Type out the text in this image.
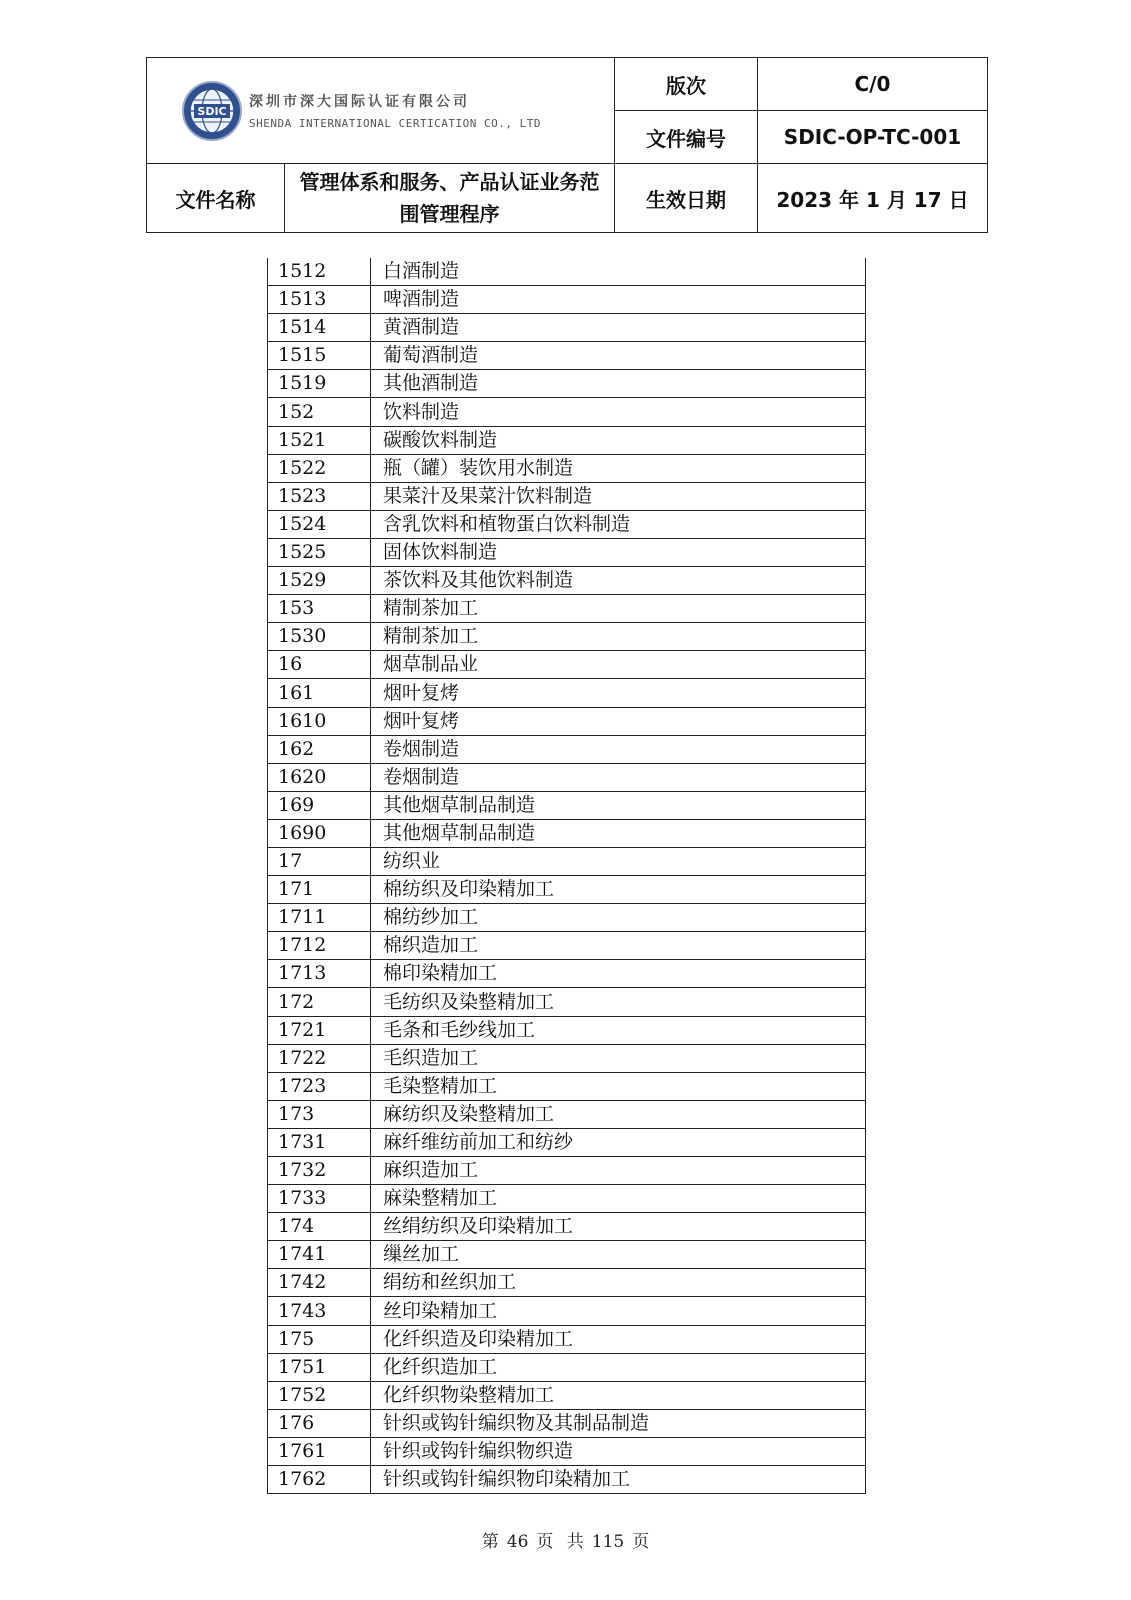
SDIC
深圳市深大国际认证有限公司
SHENDA INTERNATIONAL CERTICATION CO., LTD		版次	C/0
		文件编号	SDIC-OP-TC-001
文件名称	管理体系和服务、产品认证业务范围管理程序	生效日期	2023 年 1 月 17 日
1512	白酒制造
1513	啤酒制造
1514	黄酒制造
1515	葡萄酒制造
1519	其他酒制造
152	饮料制造
1521	碳酸饮料制造
1522	瓶（罐）装饮用水制造
1523	果菜汁及果菜汁饮料制造
1524	含乳饮料和植物蛋白饮料制造
1525	固体饮料制造
1529	茶饮料及其他饮料制造
153	精制茶加工
1530	精制茶加工
16	烟草制品业
161	烟叶复烤
1610	烟叶复烤
162	卷烟制造
1620	卷烟制造
169	其他烟草制品制造
1690	其他烟草制品制造
17	纺织业
171	棉纺织及印染精加工
1711	棉纺纱加工
1712	棉织造加工
1713	棉印染精加工
172	毛纺织及染整精加工
1721	毛条和毛纱线加工
1722	毛织造加工
1723	毛染整精加工
173	麻纺织及染整精加工
1731	麻纤维纺前加工和纺纱
1732	麻织造加工
1733	麻染整精加工
174	丝绢纺织及印染精加工
1741	缫丝加工
1742	绢纺和丝织加工
1743	丝印染精加工
175	化纤织造及印染精加工
1751	化纤织造加工
1752	化纤织物染整精加工
176	针织或钩针编织物及其制品制造
1761	针织或钩针编织物织造
1762	针织或钩针编织物印染精加工
第 46 页 共 115 页
